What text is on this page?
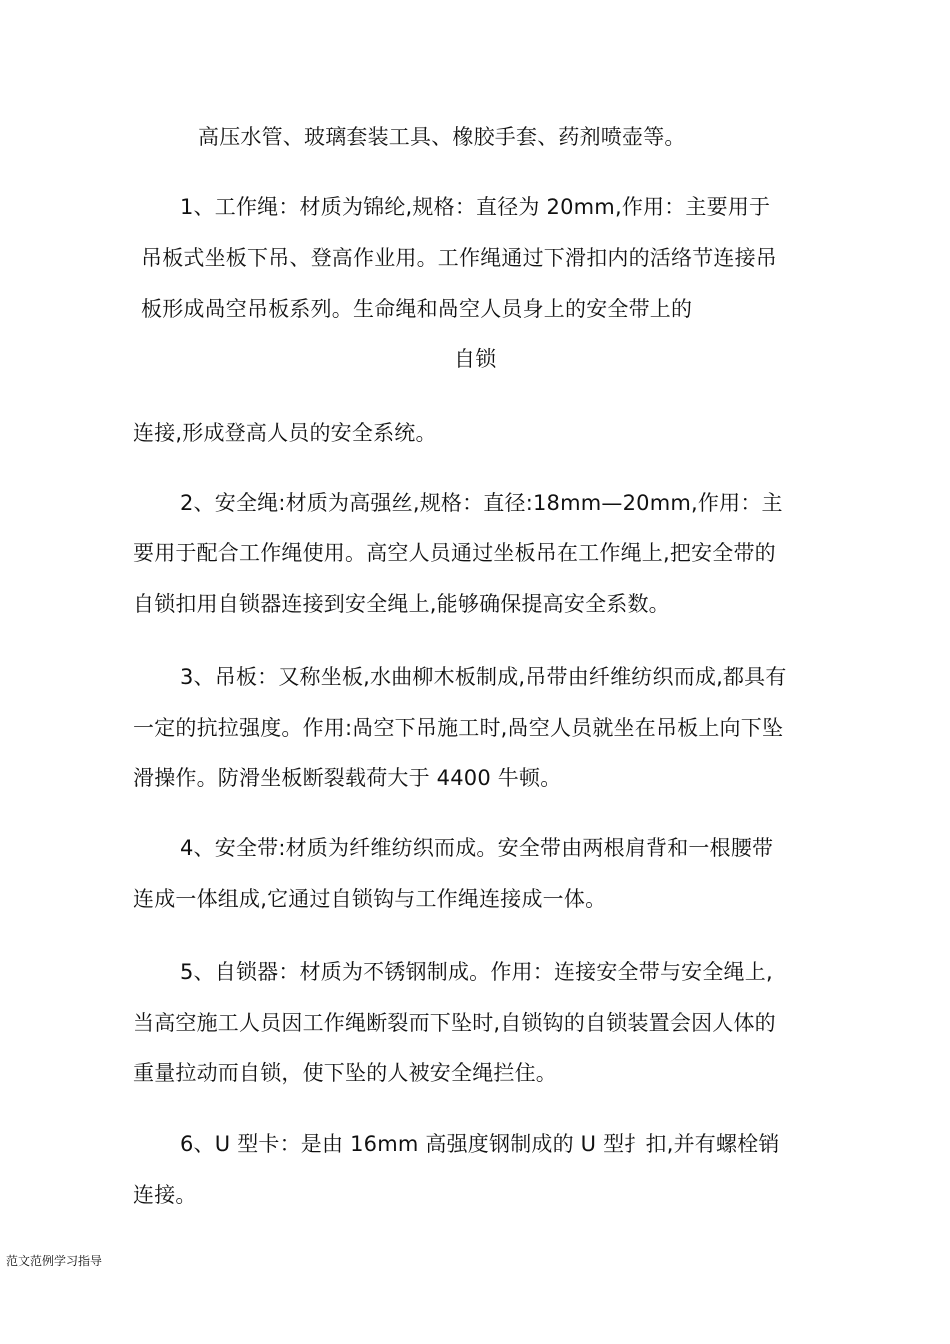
高压水管、玻璃套装工具、橡胶手套、药剂喷壶等。

1、工作绳：材质为锦纶,规格：直径为 20mm,作用：主要用于

吊板式坐板下吊、登高作业用。工作绳通过下滑扣内的活络节连接吊

板形成咼空吊板系列。生命绳和咼空人员身上的安全带上的

自锁

连接,形成登高人员的安全系统。

2、安全绳:材质为高强丝,规格：直径:18mm—20mm,作用：主

要用于配合工作绳使用。高空人员通过坐板吊在工作绳上,把安全带的

自锁扣用自锁器连接到安全绳上,能够确保提高安全系数。

3、吊板：又称坐板,水曲柳木板制成,吊带由纤维纺织而成,都具有

一定的抗拉强度。作用:咼空下吊施工时,咼空人员就坐在吊板上向下坠

滑操作。防滑坐板断裂载荷大于 4400 牛顿。

4、安全带:材质为纤维纺织而成。安全带由两根肩背和一根腰带

连成一体组成,它通过自锁钩与工作绳连接成一体。

5、自锁器：材质为不锈钢制成。作用：连接安全带与安全绳上,

当高空施工人员因工作绳断裂而下坠时,自锁钩的自锁装置会因人体的

重量拉动而自锁，使下坠的人被安全绳拦住。

6、U 型卡：是由 16mm 高强度钢制成的 U 型扌扣,并有螺栓销

连接。

范文范例学习指导
